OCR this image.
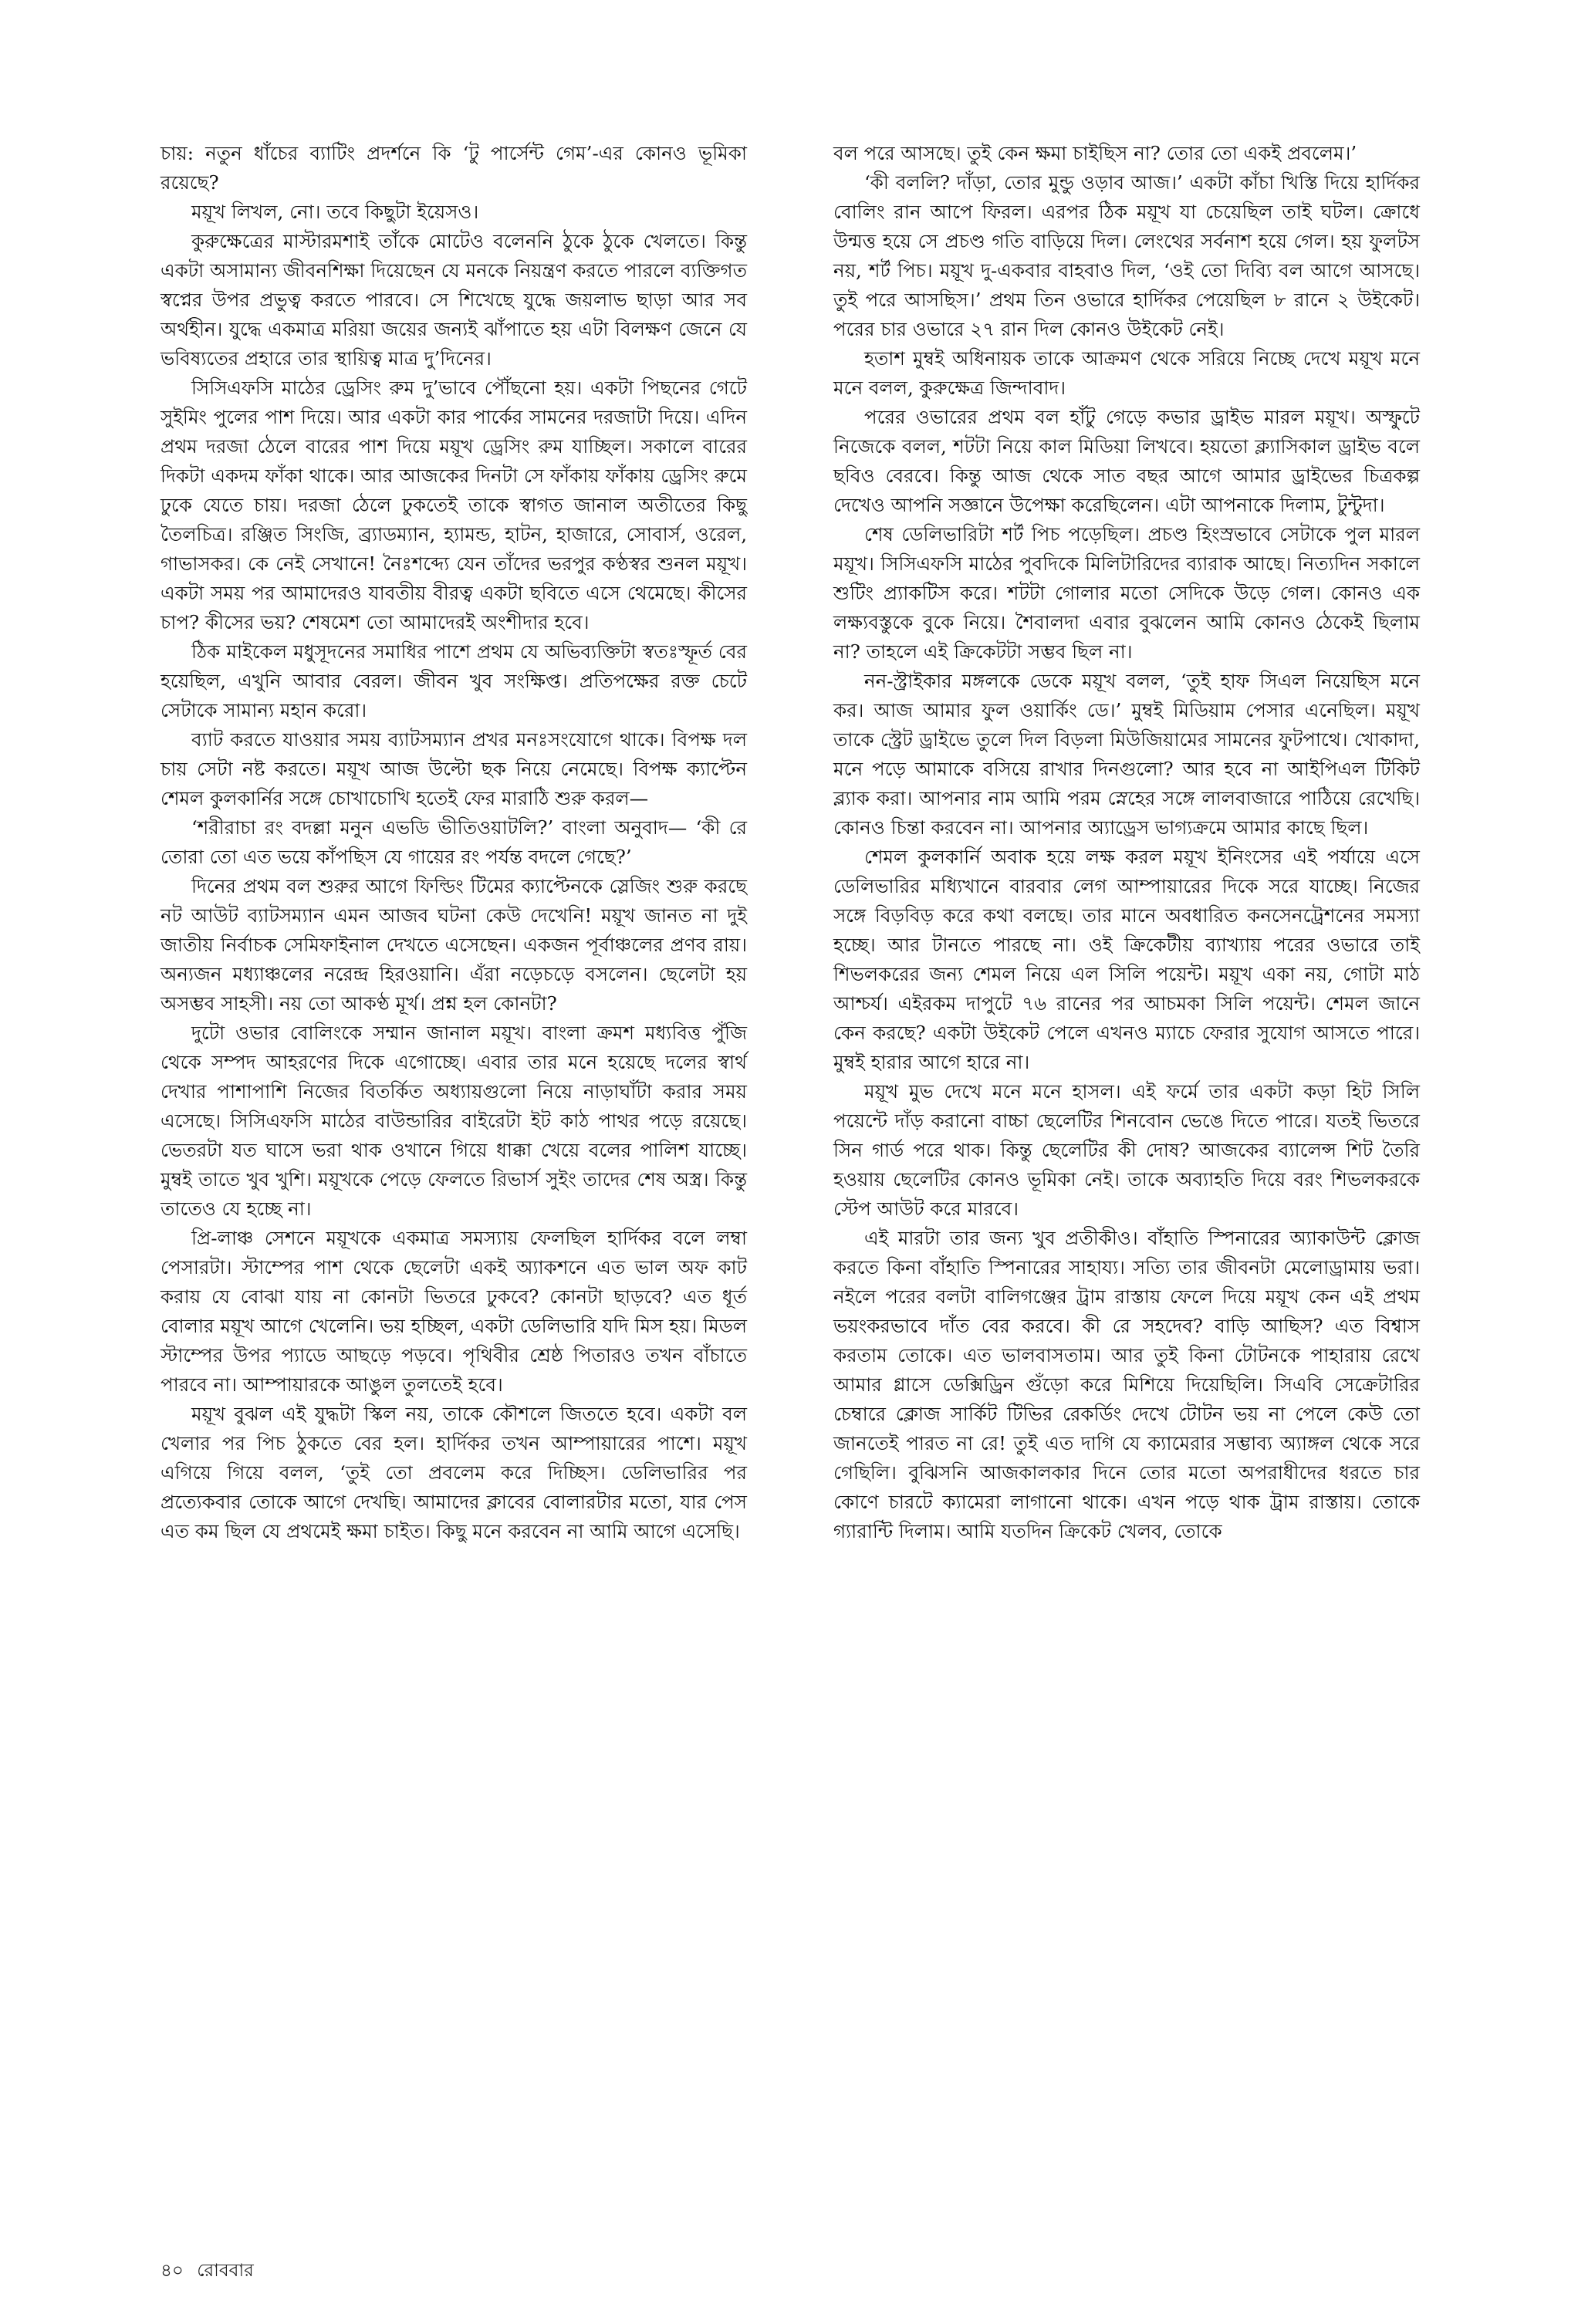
চায়: নতুন ধাঁচের ব্যাটিং প্রদর্শনে কি ‘টু পার্সেন্ট গেম’-এর কোনও ভূমিকা রয়েছে?

ময়ূখ লিখল, নো। তবে কিছুটা ইয়েসও।

কুরুক্ষেত্রের মাস্টারমশাই তাঁকে মোটেও বলেননি ঠুকে ঠুকে খেলতে। কিন্তু একটা অসামান্য জীবনশিক্ষা দিয়েছেন যে মনকে নিয়ন্ত্রণ করতে পারলে ব্যক্তিগত স্বপ্নের উপর প্রভুত্ব করতে পারবে। সে শিখেছে যুদ্ধে জয়লাভ ছাড়া আর সব অর্থহীন। যুদ্ধে একমাত্র মরিয়া জয়ের জন্যই ঝাঁপাতে হয় এটা বিলক্ষণ জেনে যে ভবিষ্যতের প্রহারে তার স্থায়িত্ব মাত্র দু’দিনের।

সিসিএফসি মাঠের ড্রেসিং রুম দু’ভাবে পৌঁছনো হয়। একটা পিছনের গেটে সুইমিং পুলের পাশ দিয়ে। আর একটা কার পার্কের সামনের দরজাটা দিয়ে। এদিন প্রথম দরজা ঠেলে বারের পাশ দিয়ে ময়ূখ ড্রেসিং রুম যাচ্ছিল। সকালে বারের দিকটা একদম ফাঁকা থাকে। আর আজকের দিনটা সে ফাঁকায় ফাঁকায় ড্রেসিং রুমে ঢুকে যেতে চায়। দরজা ঠেলে ঢুকতেই তাকে স্বাগত জানাল অতীতের কিছু তৈলচিত্র। রঞ্জিত সিংজি, ব্র্যাডম্যান, হ্যামন্ড, হাটন, হাজারে, সোবার্স, ওরেল, গাভাসকর। কে নেই সেখানে! নৈঃশব্দ্যে যেন তাঁদের ভরপুর কণ্ঠস্বর শুনল ময়ূখ। একটা সময় পর আমাদেরও যাবতীয় বীরত্ব একটা ছবিতে এসে থেমেছে। কীসের চাপ? কীসের ভয়? শেষমেশ তো আমাদেরই অংশীদার হবে।

ঠিক মাইকেল মধুসূদনের সমাধির পাশে প্রথম যে অভিব্যক্তিটা স্বতঃস্ফূর্ত বের হয়েছিল, এখুনি আবার বেরল। জীবন খুব সংক্ষিপ্ত। প্রতিপক্ষের রক্ত চেটে সেটাকে সামান্য মহান করো।

ব্যাট করতে যাওয়ার সময় ব্যাটসম্যান প্রখর মনঃসংযোগে থাকে। বিপক্ষ দল চায় সেটা নষ্ট করতে। ময়ূখ আজ উল্টো ছক নিয়ে নেমেছে। বিপক্ষ ক্যাপ্টেন শেমল কুলকার্নির সঙ্গে চোখাচোখি হতেই ফের মারাঠি শুরু করল—

‘শরীরাচা রং বদল্লা মনুন এভডি ভীতিওয়াটলি?’ বাংলা অনুবাদ— ‘কী রে তোরা তো এত ভয়ে কাঁপছিস যে গায়ের রং পর্যন্ত বদলে গেছে?’

দিনের প্রথম বল শুরুর আগে ফিল্ডিং টিমের ক্যাপ্টেনকে স্লেজিং শুরু করছে নট আউট ব্যাটসম্যান এমন আজব ঘটনা কেউ দেখেনি! ময়ূখ জানত না দুই জাতীয় নির্বাচক সেমিফাইনাল দেখতে এসেছেন। একজন পূর্বাঞ্চলের প্রণব রায়। অন্যজন মধ্যাঞ্চলের নরেন্দ্র হিরওয়ানি। এঁরা নড়েচড়ে বসলেন। ছেলেটা হয় অসম্ভব সাহসী। নয় তো আকণ্ঠ মূর্খ। প্রশ্ন হল কোনটা?

দুটো ওভার বোলিংকে সম্মান জানাল ময়ূখ। বাংলা ক্রমশ মধ্যবিত্ত পুঁজি থেকে সম্পদ আহরণের দিকে এগোচ্ছে। এবার তার মনে হয়েছে দলের স্বার্থ দেখার পাশাপাশি নিজের বিতর্কিত অধ্যায়গুলো নিয়ে নাড়াঘাঁটা করার সময় এসেছে। সিসিএফসি মাঠের বাউন্ডারির বাইরেটা ইট কাঠ পাথর পড়ে রয়েছে। ভেতরটা যত ঘাসে ভরা থাক ওখানে গিয়ে ধাক্কা খেয়ে বলের পালিশ যাচ্ছে। মুম্বই তাতে খুব খুশি। ময়ূখকে পেড়ে ফেলতে রিভার্স সুইং তাদের শেষ অস্ত্র। কিন্তু তাতেও যে হচ্ছে না।

প্রি-লাঞ্চ সেশনে ময়ূখকে একমাত্র সমস্যায় ফেলছিল হার্দিকর বলে লম্বা পেসারটা। স্টাম্পের পাশ থেকে ছেলেটা একই অ্যাকশনে এত ভাল অফ কাট করায় যে বোঝা যায় না কোনটা ভিতরে ঢুকবে? কোনটা ছাড়বে? এত ধূর্ত বোলার ময়ূখ আগে খেলেনি। ভয় হচ্ছিল, একটা ডেলিভারি যদি মিস হয়। মিডল স্টাম্পের উপর প্যাডে আছড়ে পড়বে। পৃথিবীর শ্রেষ্ঠ পিতারও তখন বাঁচাতে পারবে না। আম্পায়ারকে আঙুল তুলতেই হবে।

ময়ূখ বুঝল এই যুদ্ধটা স্কিল নয়, তাকে কৌশলে জিততে হবে। একটা বল খেলার পর পিচ ঠুকতে বের হল। হার্দিকর তখন আম্পায়ারের পাশে। ময়ূখ এগিয়ে গিয়ে বলল, ‘তুই তো প্রবলেম করে দিচ্ছিস। ডেলিভারির পর প্রত্যেকবার তোকে আগে দেখছি। আমাদের ক্লাবের বোলারটার মতো, যার পেস এত কম ছিল যে প্রথমেই ক্ষমা চাইত। কিছু মনে করবেন না আমি আগে এসেছি।

বল পরে আসছে। তুই কেন ক্ষমা চাইছিস না? তোর তো একই প্রবলেম।’

‘কী বললি? দাঁড়া, তোর মুন্ডু ওড়াব আজ।’ একটা কাঁচা খিস্তি দিয়ে হার্দিকর বোলিং রান আপে ফিরল। এরপর ঠিক ময়ূখ যা চেয়েছিল তাই ঘটল। ক্রোধে উন্মত্ত হয়ে সে প্রচণ্ড গতি বাড়িয়ে দিল। লেংথের সর্বনাশ হয়ে গেল। হয় ফুলটস নয়, শর্ট পিচ। ময়ূখ দু-একবার বাহবাও দিল, ‘ওই তো দিব্যি বল আগে আসছে। তুই পরে আসছিস।’ প্রথম তিন ওভারে হার্দিকর পেয়েছিল ৮ রানে ২ উইকেট। পরের চার ওভারে ২৭ রান দিল কোনও উইকেট নেই।

হতাশ মুম্বই অধিনায়ক তাকে আক্রমণ থেকে সরিয়ে নিচ্ছে দেখে ময়ূখ মনে মনে বলল, কুরুক্ষেত্র জিন্দাবাদ।

পরের ওভারের প্রথম বল হাঁটু গেড়ে কভার ড্রাইভ মারল ময়ূখ। অস্ফুটে নিজেকে বলল, শটটা নিয়ে কাল মিডিয়া লিখবে। হয়তো ক্ল্যাসিকাল ড্রাইভ বলে ছবিও বেরবে। কিন্তু আজ থেকে সাত বছর আগে আমার ড্রাইভের চিত্রকল্প দেখেও আপনি সজ্ঞানে উপেক্ষা করেছিলেন। এটা আপনাকে দিলাম, টুন্টুদা।

শেষ ডেলিভারিটা শর্ট পিচ পড়েছিল। প্রচণ্ড হিংস্রভাবে সেটাকে পুল মারল ময়ূখ। সিসিএফসি মাঠের পুবদিকে মিলিটারিদের ব্যারাক আছে। নিত্যদিন সকালে শুটিং প্র্যাকটিস করে। শটটা গোলার মতো সেদিকে উড়ে গেল। কোনও এক লক্ষ্যবস্তুকে বুকে নিয়ে। শৈবালদা এবার বুঝলেন আমি কোনও ঠেকেই ছিলাম না? তাহলে এই ক্রিকেটটা সম্ভব ছিল না।

নন-স্ট্রাইকার মঙ্গলকে ডেকে ময়ূখ বলল, ‘তুই হাফ সিএল নিয়েছিস মনে কর। আজ আমার ফুল ওয়ার্কিং ডে।’ মুম্বই মিডিয়াম পেসার এনেছিল। ময়ূখ তাকে স্ট্রেট ড্রাইভে তুলে দিল বিড়লা মিউজিয়ামের সামনের ফুটপাথে। খোকাদা, মনে পড়ে আমাকে বসিয়ে রাখার দিনগুলো? আর হবে না আইপিএল টিকিট ব্ল্যাক করা। আপনার নাম আমি পরম স্নেহের সঙ্গে লালবাজারে পাঠিয়ে রেখেছি। কোনও চিন্তা করবেন না। আপনার অ্যাড্রেস ভাগ্যক্রমে আমার কাছে ছিল।

শেমল কুলকার্নি অবাক হয়ে লক্ষ করল ময়ূখ ইনিংসের এই পর্যায়ে এসে ডেলিভারির মধ্যিখানে বারবার লেগ আম্পায়ারের দিকে সরে যাচ্ছে। নিজের সঙ্গে বিড়বিড় করে কথা বলছে। তার মানে অবধারিত কনসেনট্রেশনের সমস্যা হচ্ছে। আর টানতে পারছে না। ওই ক্রিকেটীয় ব্যাখ্যায় পরের ওভারে তাই শিভলকরের জন্য শেমল নিয়ে এল সিলি পয়েন্ট। ময়ূখ একা নয়, গোটা মাঠ আশ্চর্য। এইরকম দাপুটে ৭৬ রানের পর আচমকা সিলি পয়েন্ট। শেমল জানে কেন করছে? একটা উইকেট পেলে এখনও ম্যাচে ফেরার সুযোগ আসতে পারে। মুম্বই হারার আগে হারে না।

ময়ূখ মুভ দেখে মনে মনে হাসল। এই ফর্মে তার একটা কড়া হিট সিলি পয়েন্টে দাঁড় করানো বাচ্চা ছেলেটির শিনবোন ভেঙে দিতে পারে। যতই ভিতরে সিন গার্ড পরে থাক। কিন্তু ছেলেটির কী দোষ? আজকের ব্যালেন্স শিট তৈরি হওয়ায় ছেলেটির কোনও ভূমিকা নেই। তাকে অব্যাহতি দিয়ে বরং শিভলকরকে স্টেপ আউট করে মারবে।

এই মারটা তার জন্য খুব প্রতীকীও। বাঁহাতি স্পিনারের অ্যাকাউন্ট ক্লোজ করতে কিনা বাঁহাতি স্পিনারের সাহায্য। সত্যি তার জীবনটা মেলোড্রামায় ভরা। নইলে পরের বলটা বালিগঞ্জের ট্রাম রাস্তায় ফেলে দিয়ে ময়ূখ কেন এই প্রথম ভয়ংকরভাবে দাঁত বের করবে। কী রে সহদেব? বাড়ি আছিস? এত বিশ্বাস করতাম তোকে। এত ভালবাসতাম। আর তুই কিনা টোটনকে পাহারায় রেখে আমার গ্লাসে ডেক্সিড্রিন গুঁড়ো করে মিশিয়ে দিয়েছিলি। সিএবি সেক্রেটারির চেম্বারে ক্লোজ সার্কিট টিভির রেকর্ডিং দেখে টোটন ভয় না পেলে কেউ তো জানতেই পারত না রে! তুই এত দাগি যে ক্যামেরার সম্ভাব্য অ্যাঙ্গল থেকে সরে গেছিলি। বুঝিসনি আজকালকার দিনে তোর মতো অপরাধীদের ধরতে চার কোণে চারটে ক্যামেরা লাগানো থাকে। এখন পড়ে থাক ট্রাম রাস্তায়। তোকে গ্যারান্টি দিলাম। আমি যতদিন ক্রিকেট খেলব, তোকে

৪০ রোববার
